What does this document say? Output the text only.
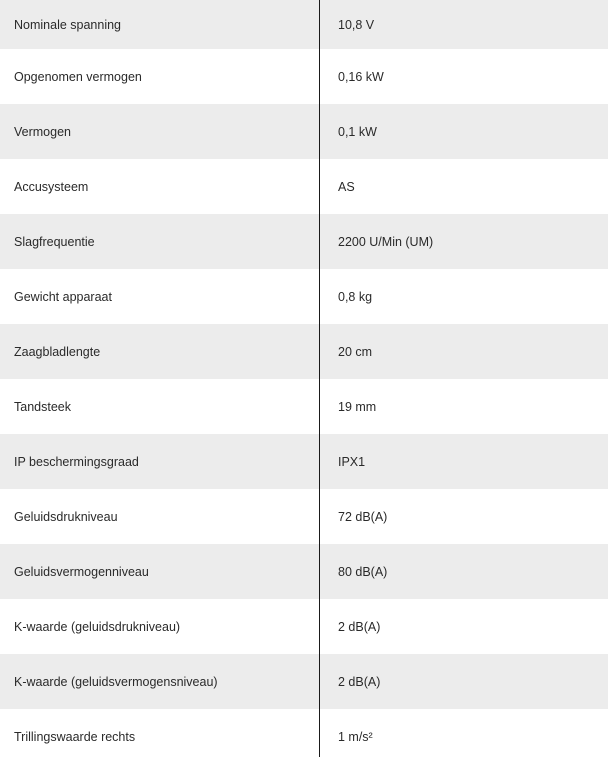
Nominale spanning	10,8 V
Opgenomen vermogen	0,16 kW
Vermogen	0,1 kW
Accusysteem	AS
Slagfrequentie	2200 U/Min (UM)
Gewicht apparaat	0,8 kg
Zaagbladlengte	20 cm
Tandsteek	19 mm
IP beschermingsgraad	IPX1
Geluidsdrukniveau	72 dB(A)
Geluidsvermogenniveau	80 dB(A)
K-waarde (geluidsdrukniveau)	2 dB(A)
K-waarde (geluidsvermogensniveau)	2 dB(A)
Trillingswaarde rechts	1 m/s²
